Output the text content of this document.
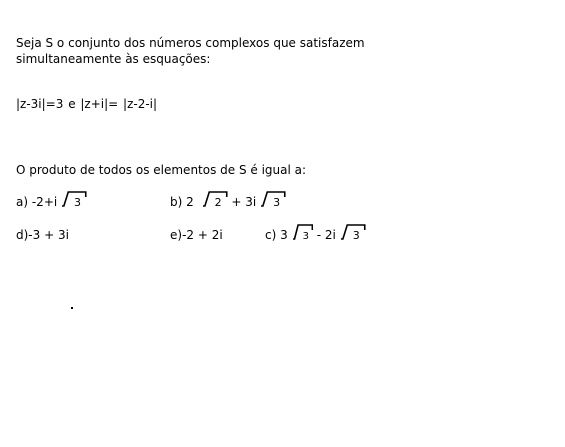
Seja S o conjunto dos números complexos que satisfazem
simultaneamente às esquações:
|z-3i|=3 e |z+i|= |z-2-i|
O produto de todos os elementos de S é igual a:
a) -2+i 3	b) 2 2 + 3i 3
d)-3 + 3i	e)-2 + 2i	c) 3 3 - 2i 3
